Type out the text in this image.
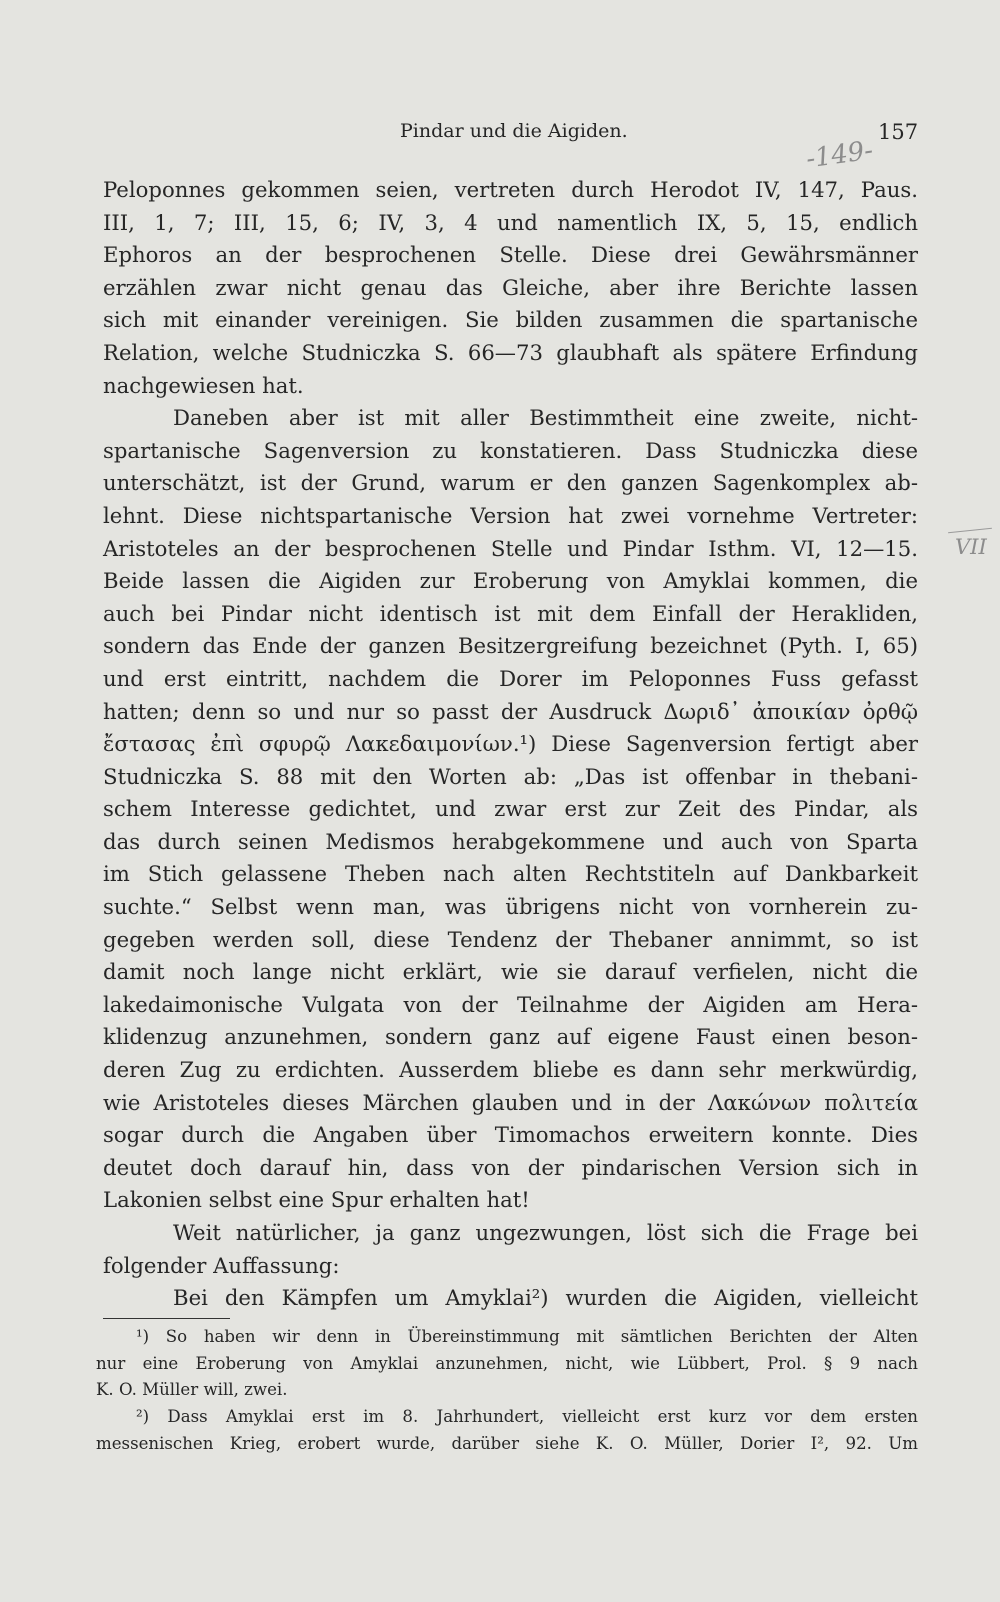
Pindar und die Aigiden.	157
-149-
VII
Peloponnes gekommen seien, vertreten durch Herodot IV, 147, Paus.
III, 1, 7; III, 15, 6; IV, 3, 4 und namentlich IX, 5, 15, endlich
Ephoros an der besprochenen Stelle. Diese drei Gewährsmänner
erzählen zwar nicht genau das Gleiche, aber ihre Berichte lassen
sich mit einander vereinigen. Sie bilden zusammen die spartanische
Relation, welche Studniczka S. 66—73 glaubhaft als spätere Erfindung
nachgewiesen hat.
Daneben aber ist mit aller Bestimmtheit eine zweite, nicht-
spartanische Sagenversion zu konstatieren. Dass Studniczka diese
unterschätzt, ist der Grund, warum er den ganzen Sagenkomplex ab-
lehnt. Diese nichtspartanische Version hat zwei vornehme Vertreter:
Aristoteles an der besprochenen Stelle und Pindar Isthm. VI, 12—15.
Beide lassen die Aigiden zur Eroberung von Amyklai kommen, die
auch bei Pindar nicht identisch ist mit dem Einfall der Herakliden,
sondern das Ende der ganzen Besitzergreifung bezeichnet (Pyth. I, 65)
und erst eintritt, nachdem die Dorer im Peloponnes Fuss gefasst
hatten; denn so und nur so passt der Ausdruck Δωριδ᾽ ἀποικίαν ὀρθῷ
ἔστασας ἐπὶ σφυρῷ Λακεδαιμονίων.¹) Diese Sagenversion fertigt aber
Studniczka S. 88 mit den Worten ab: „Das ist offenbar in thebani-
schem Interesse gedichtet, und zwar erst zur Zeit des Pindar, als
das durch seinen Medismos herabgekommene und auch von Sparta
im Stich gelassene Theben nach alten Rechtstiteln auf Dankbarkeit
suchte.“ Selbst wenn man, was übrigens nicht von vornherein zu-
gegeben werden soll, diese Tendenz der Thebaner annimmt, so ist
damit noch lange nicht erklärt, wie sie darauf verfielen, nicht die
lakedaimonische Vulgata von der Teilnahme der Aigiden am Hera-
klidenzug anzunehmen, sondern ganz auf eigene Faust einen beson-
deren Zug zu erdichten. Ausserdem bliebe es dann sehr merkwürdig,
wie Aristoteles dieses Märchen glauben und in der Λακώνων πολιτεία
sogar durch die Angaben über Timomachos erweitern konnte. Dies
deutet doch darauf hin, dass von der pindarischen Version sich in
Lakonien selbst eine Spur erhalten hat!
Weit natürlicher, ja ganz ungezwungen, löst sich die Frage bei
folgender Auffassung:
Bei den Kämpfen um Amyklai²) wurden die Aigiden, vielleicht
¹) So haben wir denn in Übereinstimmung mit sämtlichen Berichten der Alten
nur eine Eroberung von Amyklai anzunehmen, nicht, wie Lübbert, Prol. § 9 nach
K. O. Müller will, zwei.
²) Dass Amyklai erst im 8. Jahrhundert, vielleicht erst kurz vor dem ersten
messenischen Krieg, erobert wurde, darüber siehe K. O. Müller, Dorier I², 92. Um
